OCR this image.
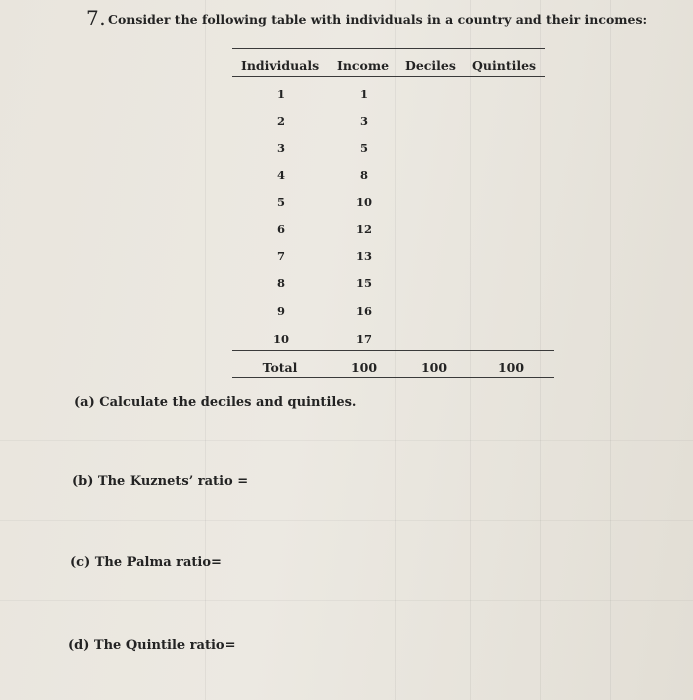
7. Consider the following table with individuals in a country and their incomes:
Individuals Income Deciles Quintiles
1	1
2	3
3	5
4	8
5	10
6	12
7	13
8	15
9	16
10	17
Total	100	100	100
(a) Calculate the deciles and quintiles.
(b) The Kuznets’ ratio =
(c) The Palma ratio=
(d) The Quintile ratio=
